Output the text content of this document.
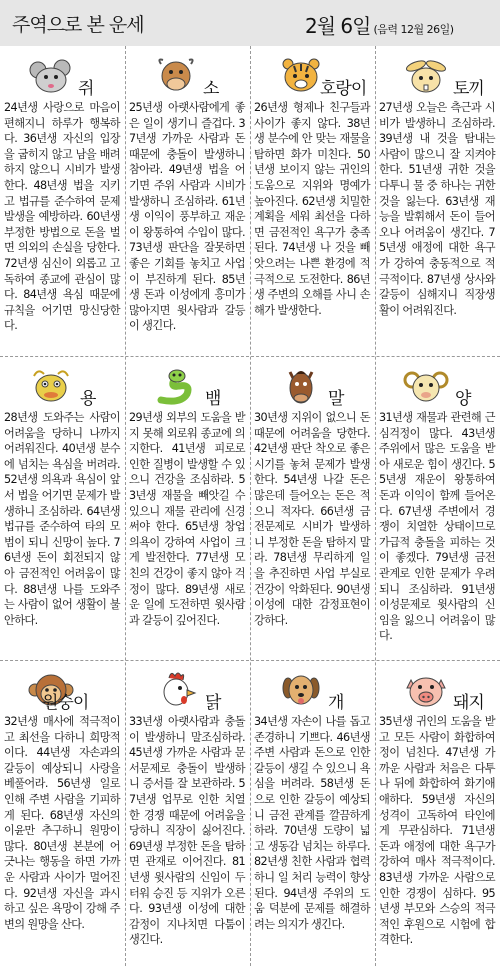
주역으로 본 운세	2월 6일 (음력 12월 26일)
쥐
24년생 사랑으로 마음이 편해지니 하루가 행복하다. 36년생 자신의 입장을 굽히지 않고 남을 배려하지 않으니 시비가 발생한다. 48년생 법을 지키고 법규를 준수하여 문제발생을 예방하라. 60년생 부정한 방법으로 돈을 벌면 의외의 손실을 당한다. 72년생 심신이 외롭고 고독하여 종교에 관심이 많다. 84년생 욕심 때문에 규칙을 어기면 망신당한다.
소
25년생 아랫사람에게 좋은 일이 생기니 즐겁다. 37년생 가까운 사람과 돈 때문에 충돌이 발생하니 참아라. 49년생 법을 어기면 주위 사람과 시비가 발생하니 조심하라. 61년생 이익이 풍부하고 재운이 왕통하여 수입이 많다. 73년생 판단을 잘못하면 좋은 기회를 놓치고 사업이 부진하게 된다. 85년생 돈과 이성에게 흥미가 많아지면 윗사람과 갈등이 생긴다.
호랑이
26년생 형제나 친구들과 사이가 좋지 않다. 38년생 분수에 안 맞는 재물을 탐하면 화가 미친다. 50년생 보이지 않는 귀인의 도움으로 지위와 명예가 높아진다. 62년생 치밀한 계획을 세워 최선을 다하면 금전적인 욕구가 충족된다. 74년생 나 것을 빼앗으려는 나쁜 환경에 적극적으로 도전한다. 86년생 주변의 오해를 사니 손해가 발생한다.
토끼
27년생 오늘은 측근과 시비가 발생하니 조심하라. 39년생 내 것을 탐내는 사람이 많으니 잘 지켜야 한다. 51년생 귀한 것을 다투니 물 중 하나는 귀한 것을 잃는다. 63년생 재능을 발휘해서 돈이 들어오나 어려움이 생긴다. 75년생 애정에 대한 욕구가 강하여 충동적으로 적극적이다. 87년생 상사와 갈등이 심해지니 직장생활이 어려워진다.
용
28년생 도와주는 사람이 어려움을 당하니 나까지 어려워진다. 40년생 분수에 넘치는 욕심을 버려라. 52년생 의욕과 욕심이 앞서 법을 어기면 문제가 발생하니 조심하라. 64년생 법규를 준수하여 타의 모범이 되니 신망이 높다. 76년생 돈이 회전되지 않아 금전적인 어려움이 많다. 88년생 나를 도와주는 사람이 없어 생활이 불안하다.
뱀
29년생 외부의 도움을 받지 못해 외로워 종교에 의지한다. 41년생 피로로 인한 질병이 발생할 수 있으니 건강을 조심하라. 53년생 재물을 빼앗길 수 있으니 재물 관리에 신경 써야 한다. 65년생 창업 의욕이 강하여 사업이 크게 발전한다. 77년생 모친의 건강이 좋지 않아 걱정이 많다. 89년생 새로운 일에 도전하면 윗사람과 갈등이 깊어진다.
말
30년생 지위이 없으니 돈 때문에 어려움을 당한다. 42년생 판단 착오로 좋은 시기를 놓쳐 문제가 발생한다. 54년생 나갈 돈은 많은데 들어오는 돈은 적으니 적자다. 66년생 금전문제로 시비가 발생하니 부정한 돈을 탐하지 말라. 78년생 무리하게 일을 추진하면 사업 부실로 건강이 악화된다. 90년생 이성에 대한 감정표현이 강하다.
양
31년생 재물과 관련해 근심걱정이 많다. 43년생 주위에서 많은 도움을 받아 새로운 힘이 생긴다. 55년생 재운이 왕통하여 돈과 이익이 함께 들어온다. 67년생 주변에서 경쟁이 치열한 상태이므로 가급적 충돌을 피하는 것이 좋겠다. 79년생 금전관계로 인한 문제가 우려되니 조심하라. 91년생 이성문제로 윗사람의 신임을 잃으니 어려움이 많다.
원숭이
32년생 매사에 적극적이고 최선을 다하니 희망적이다. 44년생 자손과의 갈등이 예상되니 사랑을 베풀어라. 56년생 일로 인해 주변 사람을 기피하게 된다. 68년생 자신의 이윤만 추구하니 원망이 많다. 80년생 본분에 어긋나는 행동을 하면 가까운 사람과 사이가 멀어진다. 92년생 자신을 과시하고 싶은 욕망이 강해 주변의 원망을 산다.
닭
33년생 아랫사람과 충돌이 발생하니 말조심하라. 45년생 가까운 사람과 문서문제로 충돌이 발생하니 증서를 잘 보관하라. 57년생 업무로 인한 치열한 경쟁 때문에 어려움을 당하니 직장이 싫어진다. 69년생 부정한 돈을 탐하면 관재로 이어진다. 81년생 윗사람의 신임이 두터워 승진 등 지위가 오른다. 93년생 이성에 대한 감정이 지나치면 다툼이 생긴다.
개
34년생 자손이 나를 돕고 존경하니 기쁘다. 46년생 주변 사람과 돈으로 인한 갈등이 생길 수 있으니 욕심을 버려라. 58년생 돈으로 인한 갈등이 예상되니 금전 관계를 깔끔하게 하라. 70년생 도량이 넓고 생동감 넘치는 하루다. 82년생 친한 사람과 협력하니 일 처리 능력이 향상된다. 94년생 주위의 도움 덕분에 문제를 해결하려는 의지가 생긴다.
돼지
35년생 귀인의 도움을 받고 모든 사람이 화합하여 정이 넘친다. 47년생 가까운 사람과 처음은 다투나 뒤에 화합하여 화기애애하다. 59년생 자신의 성격이 고독하여 타인에게 무관심하다. 71년생 돈과 애정에 대한 욕구가 강하여 매사 적극적이다. 83년생 가까운 사람으로 인한 경쟁이 심하다. 95년생 부모와 스승의 적극적인 후원으로 시험에 합격한다.
